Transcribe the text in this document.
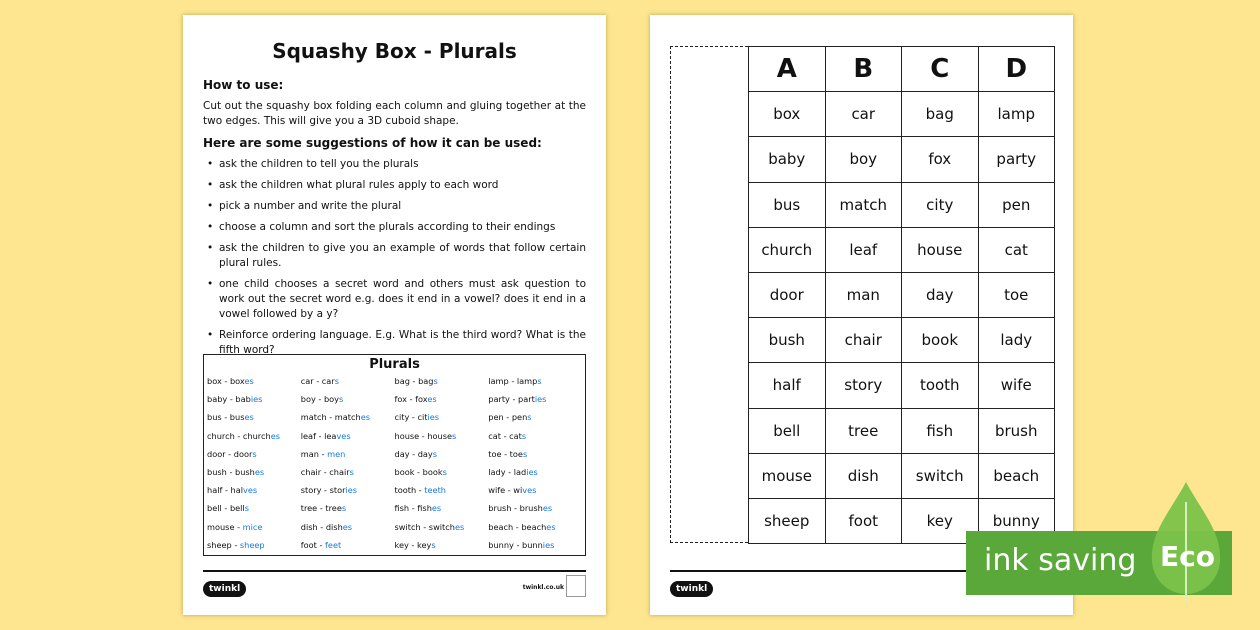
Squashy Box - Plurals
How to use:
Cut out the squashy box folding each column and gluing together at the two edges. This will give you a 3D cuboid shape.
Here are some suggestions of how it can be used:
• ask the children to tell you the plurals
• ask the children what plural rules apply to each word
• pick a number and write the plural
• choose a column and sort the plurals according to their endings
• ask the children to give you an example of words that follow certain plural rules.
• one child chooses a secret word and others must ask question to work out the secret word e.g. does it end in a vowel? does it end in a vowel followed by a y?
• Reinforce ordering language. E.g. What is the third word? What is the fifth word?
Plurals
box - boxes	car - cars	bag - bags	lamp - lamps
baby - babies	boy - boys	fox - foxes	party - parties
bus - buses	match - matches	city - cities	pen - pens
church - churches	leaf - leaves	house - houses	cat - cats
door - doors	man - men	day - days	toe - toes
bush - bushes	chair - chairs	book - books	lady - ladies
half - halves	story - stories	tooth - teeth	wife - wives
bell - bells	tree - trees	fish - fishes	brush - brushes
mouse - mice	dish - dishes	switch - switches	beach - beaches
sheep - sheep	foot - feet	key - keys	bunny - bunnies
twinkl	twinkl.co.uk
A	B	C	D
box	car	bag	lamp
baby	boy	fox	party
bus	match	city	pen
church	leaf	house	cat
door	man	day	toe
bush	chair	book	lady
half	story	tooth	wife
bell	tree	fish	brush
mouse	dish	switch	beach
sheep	foot	key	bunny
twinkl
ink saving Eco
